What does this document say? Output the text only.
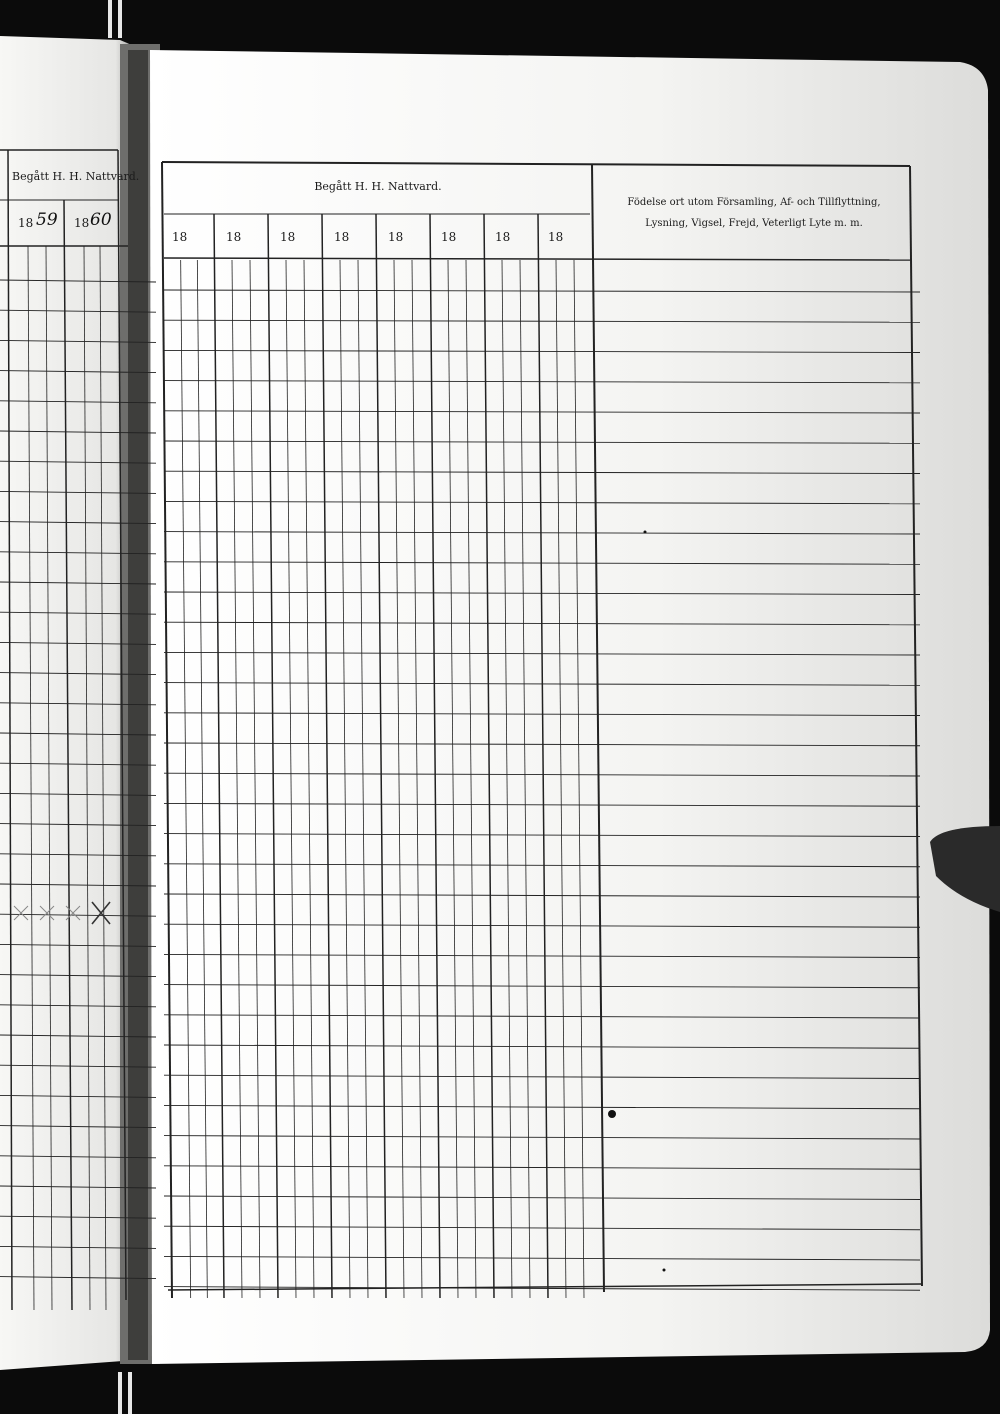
Begått H. H. Nattvard.
18 59 18 60
Begått H. H. Nattvard.
18	18	18	18	18	18	18	18
Födelse ort utom Församling, Af- och Tillflyttning,
Lysning, Vigsel, Frejd, Veterligt Lyte m. m.
